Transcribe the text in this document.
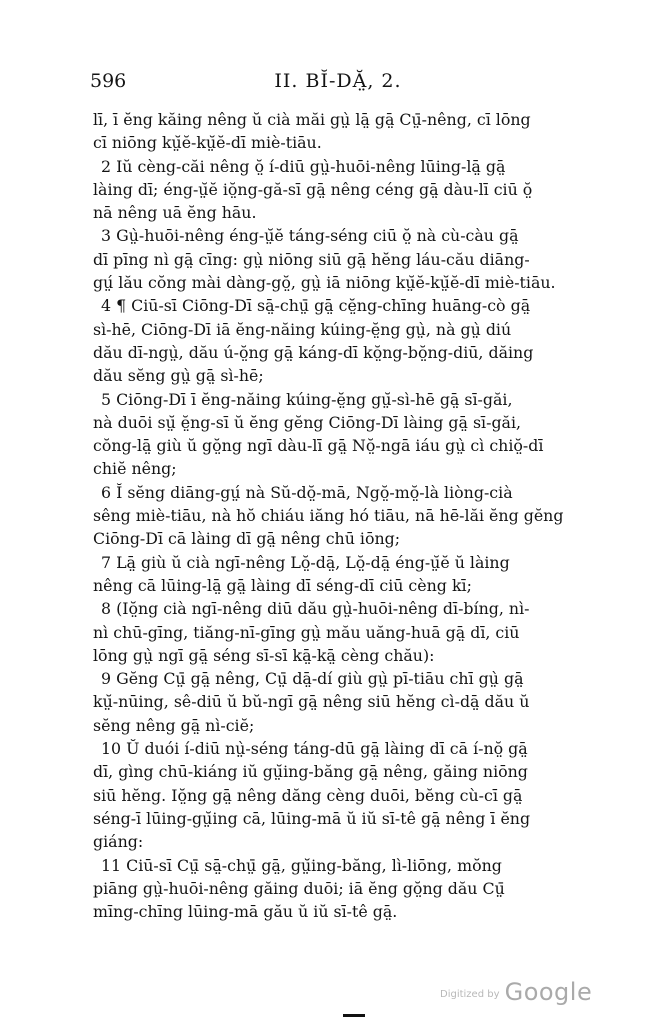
596	II. BĬ-DĂ̤, 2.
lī, ī ĕng kăing nêng ŭ cià măi gṳ̀ lā̤ gā̤ Cṳ̄-nêng, cī lōng
cī niōng kṳ̆ĕ-kṳ̆ĕ-dī miè-tiāu.
2 Iŭ cèng-căi nêng ŏ̤ í-diū gṳ̀-huōi-nêng lūing-lā̤ gā̤
làing dī; éng-ṳ̆ĕ iŏ̤ng-gă-sī gā̤ nêng céng gā̤ dàu-lī ciū ŏ̤
nā nêng uā ĕng hāu.
3 Gṳ̀-huōi-nêng éng-ṳ̆ĕ táng-séng ciū ŏ̤ nà cù-càu gā̤
dī pīng nì gā̤ cīng: gṳ̀ niōng siū gā̤ hĕng láu-cău diāng-
gṳ́ lău cŏng mài dàng-gŏ̤, gṳ̀ iā niōng kṳ̆ĕ-kṳ̆ĕ-dī miè-tiāu.
4 ¶ Ciū-sī Ciōng-Dī sā̤-chṳ̄ gā̤ cĕ̤ng-chīng huāng-cò gā̤
sì-hē, Ciōng-Dī iā ĕng-năing kúing-ĕ̤ng gṳ̀, nà gṳ̀ diú
dău dī-ngṳ̀, dău ú-ŏ̤ng gā̤ káng-dī kŏ̤ng-bŏ̤ng-diū, dăing
dău sĕng gṳ̀ gā̤ sì-hē;
5 Ciōng-Dī ī ĕng-năing kúing-ĕ̤ng gṳ̆-sì-hē gā̤ sī-găi,
nà duōi sṳ̆ ĕ̤ng-sī ŭ ĕng gĕng Ciōng-Dī làing gā̤ sī-găi,
cŏng-lā̤ giù ŭ gŏ̤ng ngī dàu-lī gā̤ Nŏ̤-ngā iáu gṳ̀ cì chiŏ̤-dī
chiĕ nêng;
6 Ĭ sĕng diāng-gṳ́ nà Sŭ-dŏ̤-mā, Ngŏ̤-mŏ̤-là liòng-cià
sêng miè-tiāu, nà hŏ chiáu iăng hó tiāu, nā hē-lăi ĕng gĕng
Ciōng-Dī cā làing dī gā̤ nêng chū iōng;
7 Lā̤ giù ŭ cià ngī-nêng Lŏ̤-dā̤, Lŏ̤-dā̤ éng-ṳ̆ĕ ŭ làing
nêng cā lūing-lā̤ gā̤ làing dī séng-dī ciū cèng kī;
8 (Iŏ̤ng cià ngī-nêng diū dău gṳ̀-huōi-nêng dī-bíng, nì-
nì chū-gīng, tiăng-nī-gīng gṳ̀ mău uăng-huā gā̤ dī, ciū
lōng gṳ̀ ngī gā̤ séng sī-sī kā̤-kā̤ cèng chău):
9 Gĕng Cṳ̄ gā̤ nêng, Cṳ̄ dā̤-dí giù gṳ̀ pī-tiāu chī gṳ̀ gā̤
kṳ̆-nūing, sê-diū ŭ bŭ-ngī gā̤ nêng siū hĕng cì-dā̤ dău ŭ
sĕng nêng gā̤ nì-ciĕ;
10 Ŭ duói í-diū nṳ̀-séng táng-dū gā̤ làing dī cā í-nŏ̤ gā̤
dī, gìng chū-kiáng iŭ gṳ̆ing-băng gā̤ nêng, găing niōng
siū hĕng. Iŏ̤ng gā̤ nêng dăng cèng duōi, bĕng cù-cī gā̤
séng-ī lūing-gṳ̆ing cā, lūing-mā ŭ iŭ sī-tê gā̤ nêng ī ĕng
giáng:
11 Ciū-sī Cṳ̄ sā̤-chṳ̄ gā̤, gṳ̆ing-băng, lì-liōng, mŏng
piāng gṳ̀-huōi-nêng găing duōi; iā ĕng gŏ̤ng dău Cṳ̄
mīng-chīng lūing-mā gău ŭ iŭ sī-tê gā̤.
Digitized by Google
